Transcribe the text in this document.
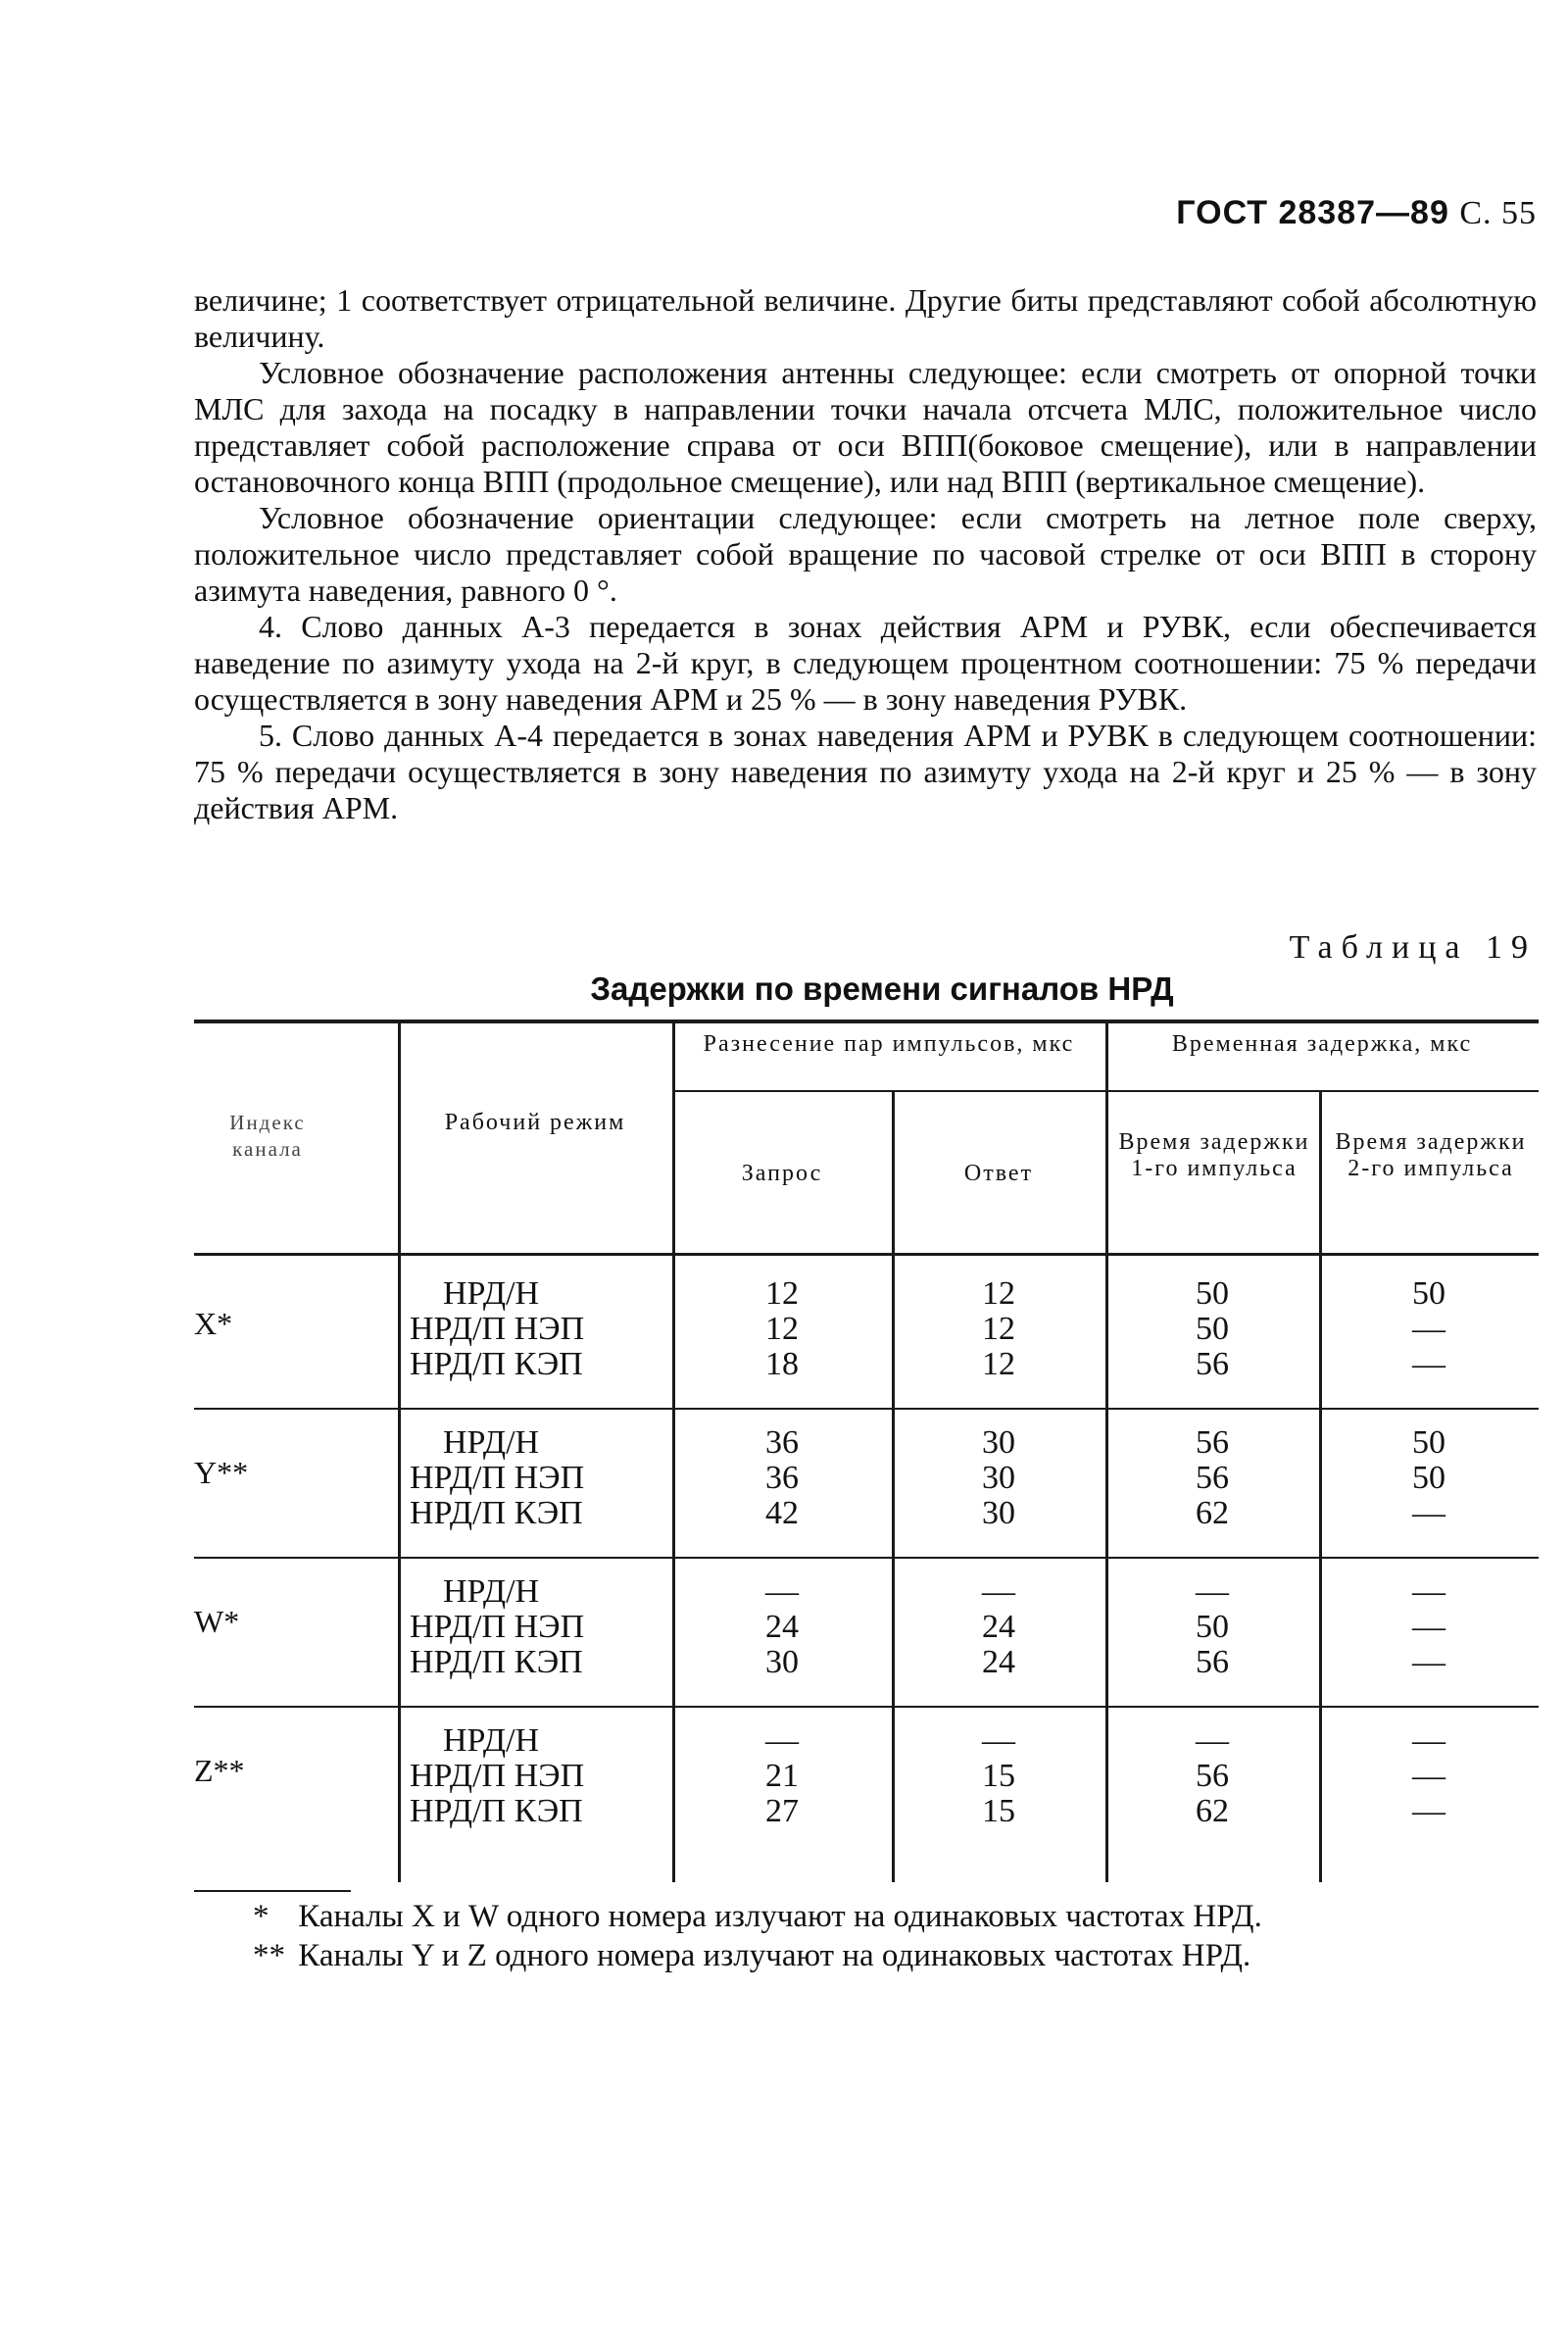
ГОСТ 28387—89 С. 55

величине; 1 соответствует отрицательной величине. Другие биты представляют собой абсолютную величину.

Условное обозначение расположения антенны следующее: если смотреть от опорной точки МЛС для захода на посадку в направлении точки начала отсчета МЛС, положительное число представляет собой расположение справа от оси ВПП(боковое смещение), или в направлении остановочного конца ВПП (продольное смещение), или над ВПП (вертикальное смещение).

Условное обозначение ориентации следующее: если смотреть на летное поле сверху, положительное число представляет собой вращение по часовой стрелке от оси ВПП в сторону азимута наведения, равного 0 °.

4. Слово данных А-3 передается в зонах действия АРМ и РУВК, если обеспечивается наведение по азимуту ухода на 2-й круг, в следующем процентном соотношении: 75 % передачи осуществляется в зону наведения АРМ и 25 % — в зону наведения РУВК.

5. Слово данных А-4 передается в зонах наведения АРМ и РУВК в следующем соотношении: 75 % передачи осуществляется в зону наведения по азимуту ухода на 2-й круг и 25 % — в зону действия АРМ.

Таблица 19
Задержки по времени сигналов НРД
Индекс канала
Рабочий режим
Разнесение пар импульсов, мкс	Временная задержка, мкс
Запрос	Ответ
Время задержки 1-го импульса
Время задержки 2-го импульса
X*
НРД/Н
НРД/П НЭП
НРД/П КЭП
12
12
18
12
12
12
50
50
56
50
—
—
Y**
НРД/Н
НРД/П НЭП
НРД/П КЭП
36
36
42
30
30
30
56
56
62
50
50
—
W*
НРД/Н
НРД/П НЭП
НРД/П КЭП
—
24
30
—
24
24
—
50
56
—
—
—
Z**
НРД/Н
НРД/П НЭП
НРД/П КЭП
—
21
27
—
15
15
—
56
62
—
—
—
* Каналы X и W одного номера излучают на одинаковых частотах НРД.
** Каналы Y и Z одного номера излучают на одинаковых частотах НРД.
